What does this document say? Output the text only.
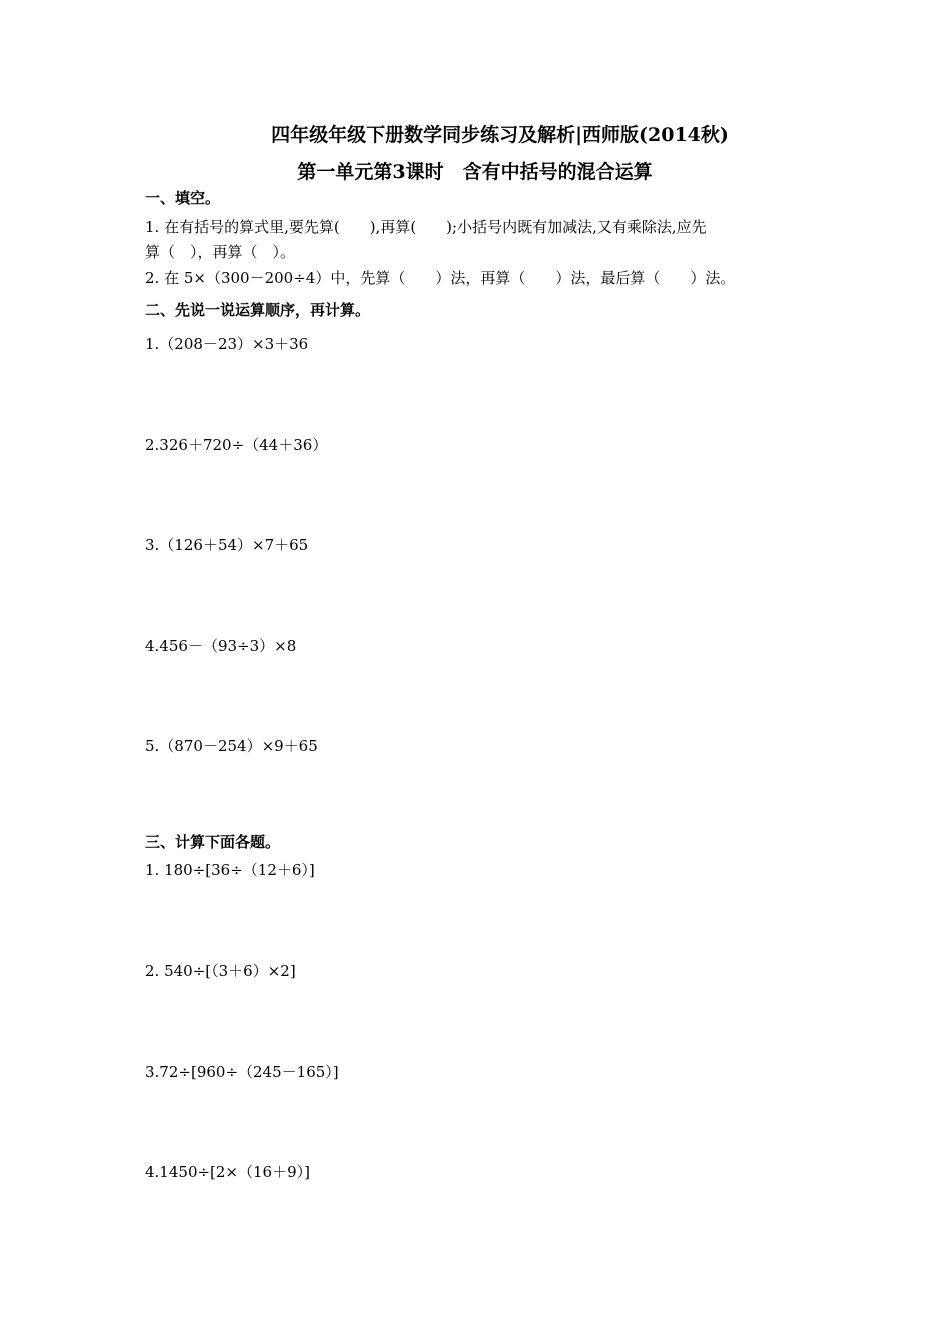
四年级年级下册数学同步练习及解析|西师版(2014秋)
第一单元第3课时　含有中括号的混合运算
一、填空。
1. 在有括号的算式里,要先算(　　),再算(　　);小括号内既有加减法,又有乘除法,应先
算（　），再算（　）。
2. 在 5×（300－200÷4）中，先算（　　）法，再算（　　）法，最后算（　　）法。
二、先说一说运算顺序，再计算。
1.（208－23）×3＋36
2.326＋720÷（44＋36）
3.（126＋54）×7＋65
4.456－（93÷3）×8
5.（870－254）×9＋65
三、计算下面各题。
1. 180÷[36÷（12＋6）]
2. 540÷[（3＋6）×2]
3.72÷[960÷（245－165）]
4.1450÷[2×（16＋9）]
